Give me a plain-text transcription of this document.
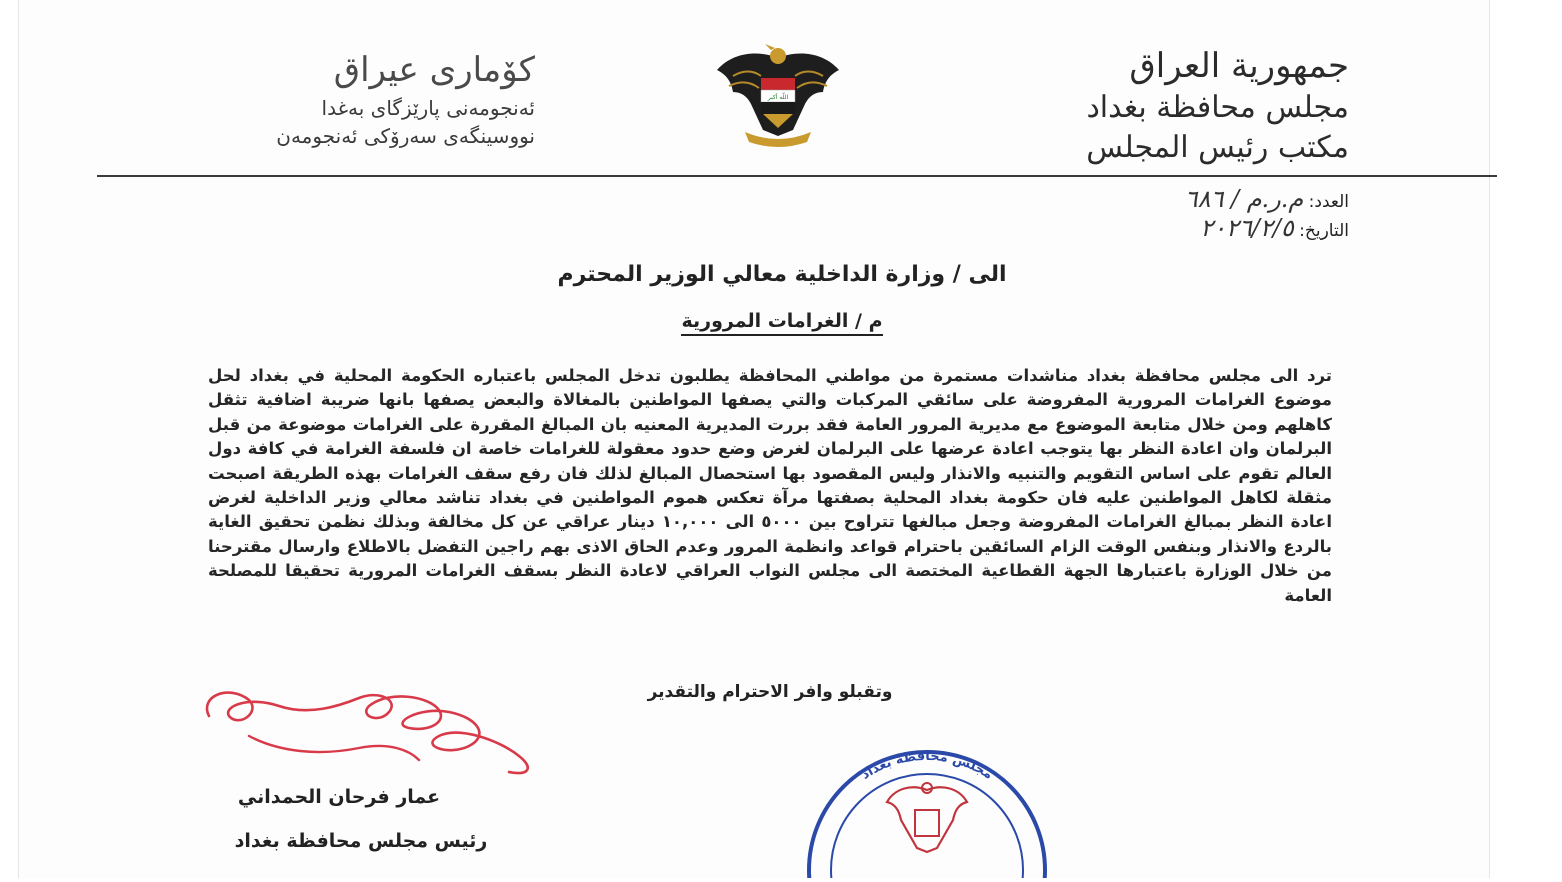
جمهورية العراق
مجلس محافظة بغداد
مكتب رئيس المجلس
اللّه أكبر
كۆماری عیراق
ئەنجومەنی پارێزگای بەغدا
نووسینگەی سەرۆکی ئەنجومەن
العدد: م.ر.م / ٦٨٦
التاريخ: ٢٠٢٦/٢/٥
الى / وزارة الداخلية معالي الوزير المحترم
م / الغرامات المرورية
ترد الى مجلس محافظة بغداد مناشدات مستمرة من مواطني المحافظة يطلبون تدخل المجلس باعتباره الحكومة المحلية في بغداد لحل موضوع الغرامات المرورية المفروضة على سائقي المركبات والتي يصفها المواطنين بالمغالاة والبعض يصفها بانها ضريبة اضافية تثقل كاهلهم ومن خلال متابعة الموضوع مع مديرية المرور العامة فقد بررت المديرية المعنيه بان المبالغ المقررة على الغرامات موضوعة من قبل البرلمان وان اعادة النظر بها يتوجب اعادة عرضها على البرلمان لغرض وضع حدود معقولة للغرامات خاصة ان فلسفة الغرامة في كافة دول العالم تقوم على اساس التقويم والتنبيه والانذار وليس المقصود بها استحصال المبالغ لذلك فان رفع سقف الغرامات بهذه الطريقة اصبحت مثقلة لكاهل المواطنين عليه فان حكومة بغداد المحلية بصفتها مرآة تعكس هموم المواطنين في بغداد تناشد معالي وزير الداخلية لغرض اعادة النظر بمبالغ الغرامات المفروضة وجعل مبالغها تتراوح بين ٥٠٠٠ الى ١٠,٠٠٠ دينار عراقي عن كل مخالفة وبذلك نظمن تحقيق الغاية بالردع والانذار وبنفس الوقت الزام السائقين باحترام قواعد وانظمة المرور وعدم الحاق الاذى بهم راجين التفضل بالاطلاع وارسال مقترحنا من خلال الوزارة باعتبارها الجهة القطاعية المختصة الى مجلس النواب العراقي لاعادة النظر بسقف الغرامات المرورية تحقيقا للمصلحة العامة
وتقبلو وافر الاحترام والتقدير
عمار فرحان الحمداني
رئيس مجلس محافظة بغداد
مجلس محافظة بغداد
